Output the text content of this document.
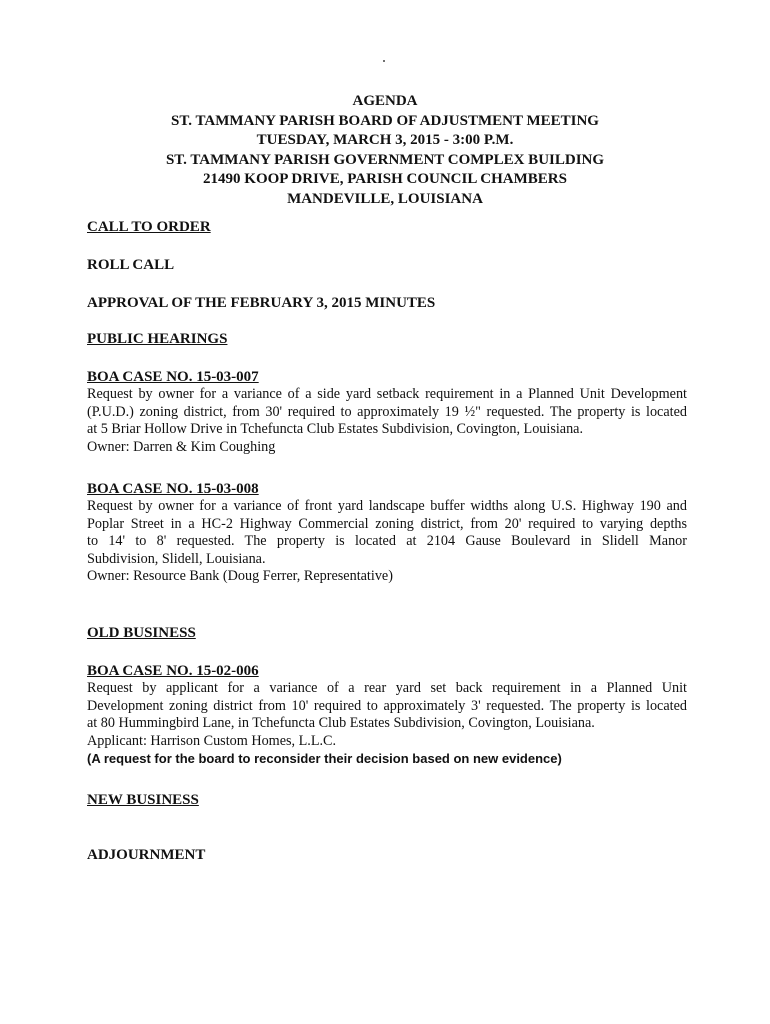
AGENDA
ST. TAMMANY PARISH BOARD OF ADJUSTMENT MEETING
TUESDAY, MARCH 3, 2015 - 3:00 P.M.
ST. TAMMANY PARISH GOVERNMENT COMPLEX BUILDING
21490 KOOP DRIVE, PARISH COUNCIL CHAMBERS
MANDEVILLE, LOUISIANA
CALL TO ORDER
ROLL CALL
APPROVAL OF THE FEBRUARY 3, 2015 MINUTES
PUBLIC HEARINGS
BOA CASE NO. 15-03-007
Request by owner for a variance of a side yard setback requirement in a Planned Unit Development
(P.U.D.) zoning district, from 30' required to approximately 19 ½" requested. The property is located
at 5 Briar Hollow Drive in Tchefuncta Club Estates Subdivision, Covington, Louisiana.
Owner: Darren & Kim Coughing
BOA CASE NO. 15-03-008
Request by owner for a variance of front yard landscape buffer widths along U.S. Highway 190 and
Poplar Street in a HC-2 Highway Commercial zoning district, from 20' required to varying depths
to 14' to 8' requested. The property is located at 2104 Gause Boulevard in Slidell Manor
Subdivision, Slidell, Louisiana.
Owner: Resource Bank (Doug Ferrer, Representative)
OLD BUSINESS
BOA CASE NO. 15-02-006
Request by applicant for a variance of a rear yard set back requirement in a Planned Unit
Development zoning district from 10' required to approximately 3' requested. The property is located
at 80 Hummingbird Lane, in Tchefuncta Club Estates Subdivision, Covington, Louisiana.
Applicant: Harrison Custom Homes, L.L.C.
(A request for the board to reconsider their decision based on new evidence)
NEW BUSINESS
ADJOURNMENT
